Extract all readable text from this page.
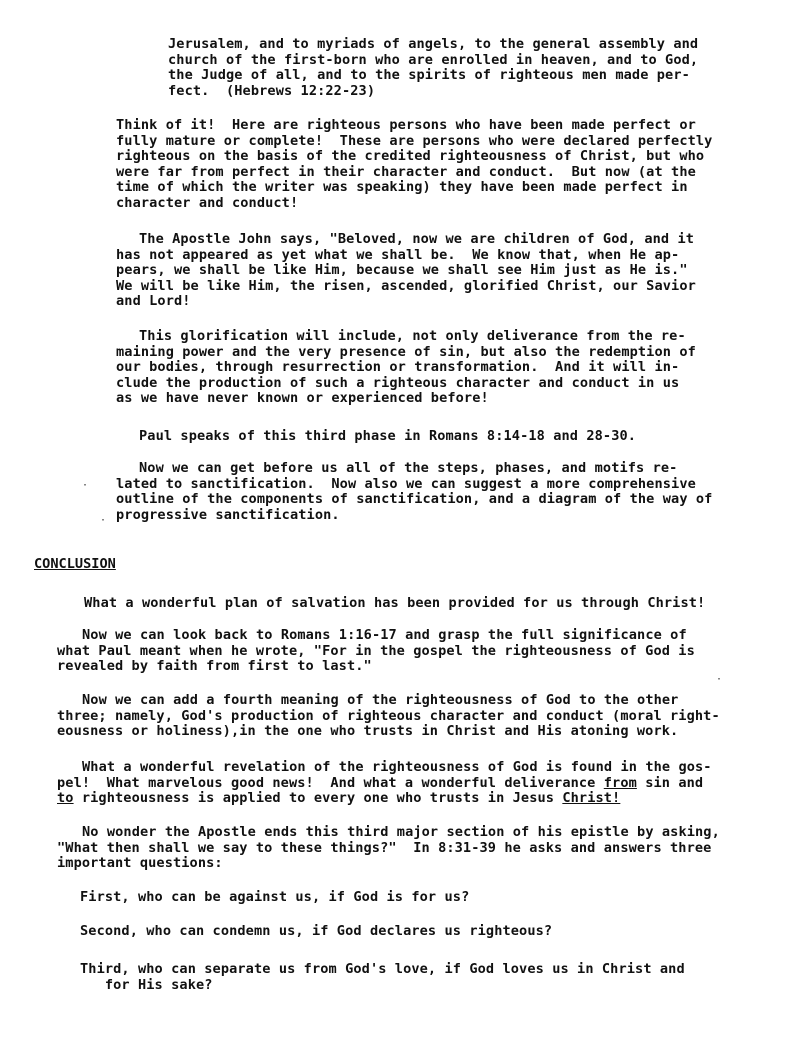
Jerusalem, and to myriads of angels, to the general assembly and
church of the first-born who are enrolled in heaven, and to God,
the Judge of all, and to the spirits of righteous men made per-
fect.  (Hebrews 12:22-23)
Think of it!  Here are righteous persons who have been made perfect or
fully mature or complete!  These are persons who were declared perfectly
righteous on the basis of the credited righteousness of Christ, but who
were far from perfect in their character and conduct.  But now (at the
time of which the writer was speaking) they have been made perfect in
character and conduct!
The Apostle John says, "Beloved, now we are children of God, and it
has not appeared as yet what we shall be.  We know that, when He ap-
pears, we shall be like Him, because we shall see Him just as He is."
We will be like Him, the risen, ascended, glorified Christ, our Savior
and Lord!
This glorification will include, not only deliverance from the re-
maining power and the very presence of sin, but also the redemption of
our bodies, through resurrection or transformation.  And it will in-
clude the production of such a righteous character and conduct in us
as we have never known or experienced before!
Paul speaks of this third phase in Romans 8:14-18 and 28-30.
Now we can get before us all of the steps, phases, and motifs re-
lated to sanctification.  Now also we can suggest a more comprehensive
outline of the components of sanctification, and a diagram of the way of
progressive sanctification.
·
·
CONCLUSION
What a wonderful plan of salvation has been provided for us through Christ!
Now we can look back to Romans 1:16-17 and grasp the full significance of
what Paul meant when he wrote, "For in the gospel the righteousness of God is
revealed by faith from first to last."
·
Now we can add a fourth meaning of the righteousness of God to the other
three; namely, God's production of righteous character and conduct (moral right-
eousness or holiness),in the one who trusts in Christ and His atoning work.
What a wonderful revelation of the righteousness of God is found in the gos-
pel!  What marvelous good news!  And what a wonderful deliverance from sin and
to righteousness is applied to every one who trusts in Jesus Christ!
No wonder the Apostle ends this third major section of his epistle by asking,
"What then shall we say to these things?"  In 8:31-39 he asks and answers three
important questions:
First, who can be against us, if God is for us?
Second, who can condemn us, if God declares us righteous?
Third, who can separate us from God's love, if God loves us in Christ and
for His sake?
